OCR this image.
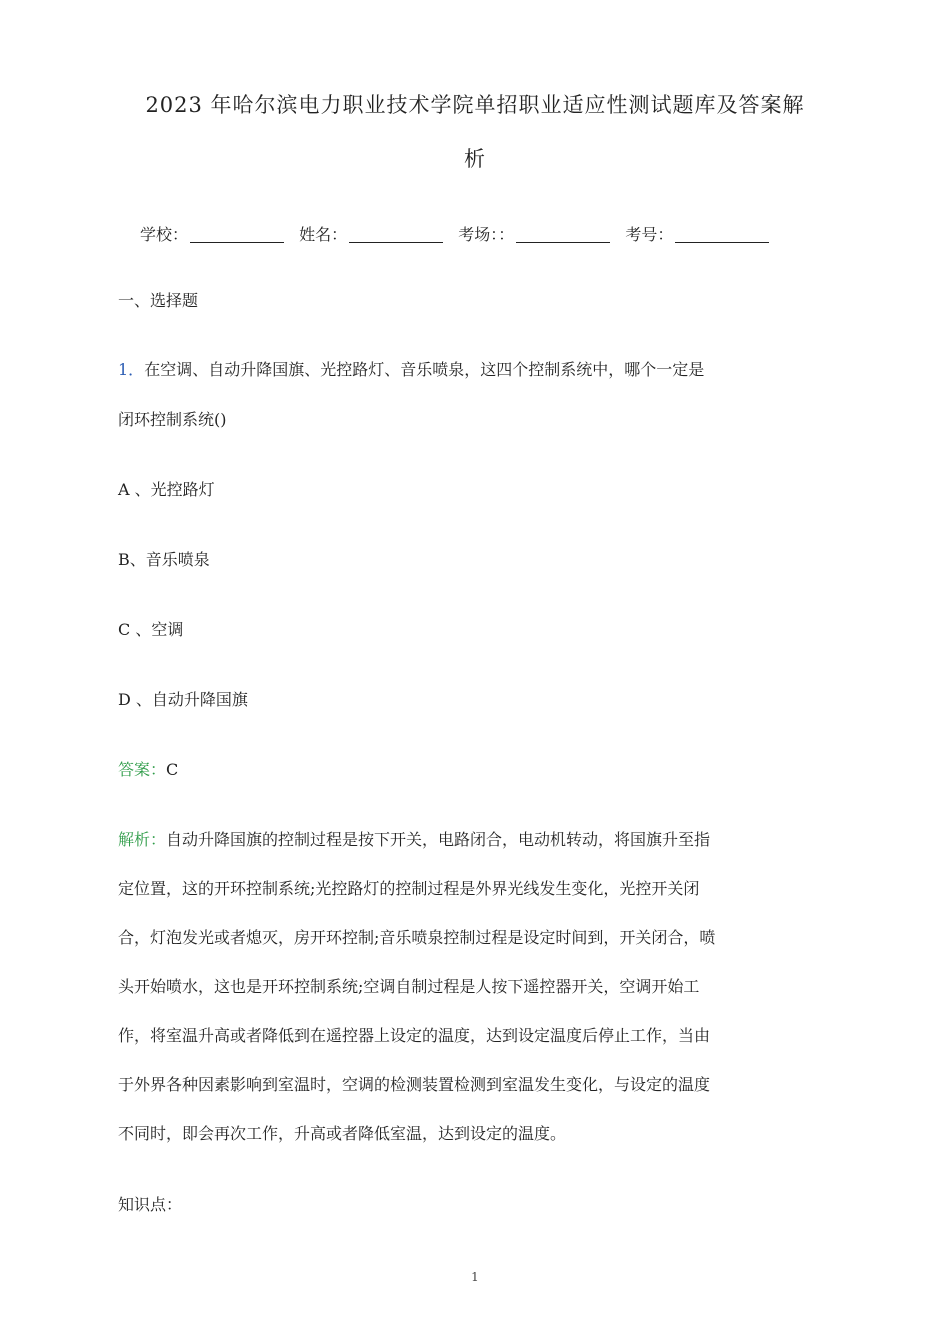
2023 年哈尔滨电力职业技术学院单招职业适应性测试题库及答案解
析
学校：	姓名：	考场：：	考号：
一、选择题
1．在空调、自动升降国旗、光控路灯、音乐喷泉，这四个控制系统中，哪个一定是
闭环控制系统()
A 、光控路灯
B、音乐喷泉
C 、空调
D 、自动升降国旗
答案：C
解析：自动升降国旗的控制过程是按下开关，电路闭合，电动机转动，将国旗升至指
定位置，这的开环控制系统;光控路灯的控制过程是外界光线发生变化，光控开关闭
合，灯泡发光或者熄灭，房开环控制;音乐喷泉控制过程是设定时间到，开关闭合，喷
头开始喷水，这也是开环控制系统;空调自制过程是人按下遥控器开关，空调开始工
作，将室温升高或者降低到在遥控器上设定的温度，达到设定温度后停止工作，当由
于外界各种因素影响到室温时，空调的检测装置检测到室温发生变化，与设定的温度
不同时，即会再次工作，升高或者降低室温，达到设定的温度。
知识点：
1
